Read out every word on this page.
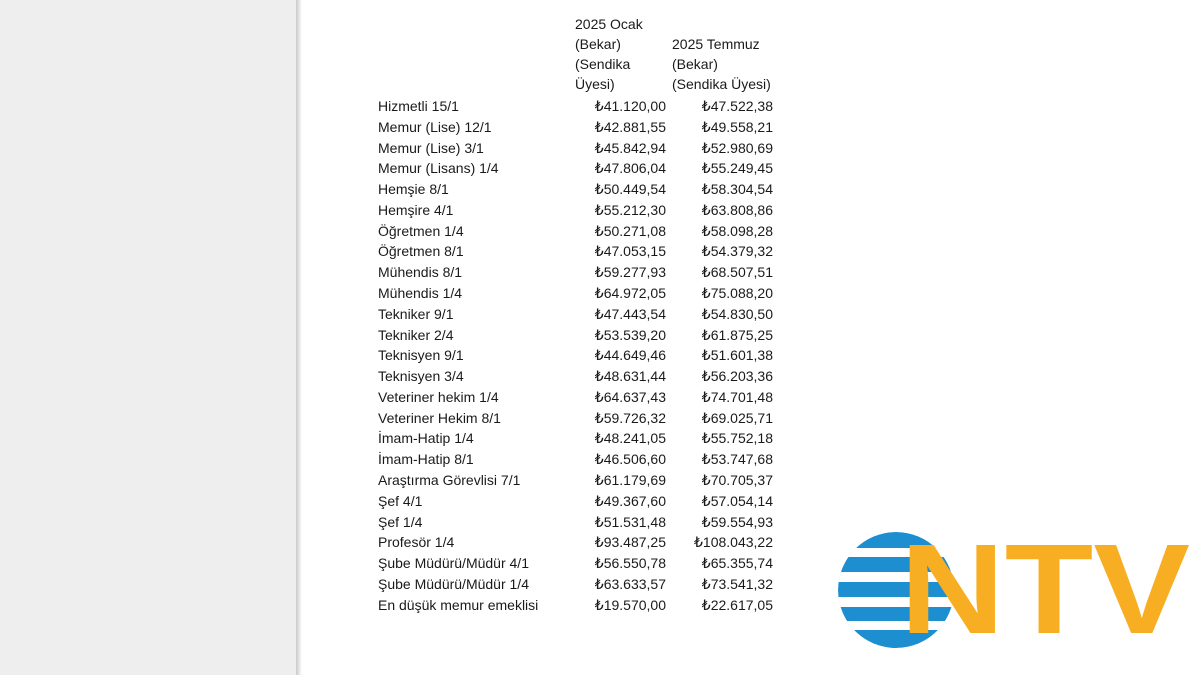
2025 Ocak
(Bekar)
(Sendika
Üyesi)
2025 Temmuz
(Bekar)
(Sendika Üyesi)
Hizmetli 15/1	₺41.120,00	₺47.522,38
Memur (Lise) 12/1	₺42.881,55	₺49.558,21
Memur (Lise) 3/1	₺45.842,94	₺52.980,69
Memur (Lisans) 1/4	₺47.806,04	₺55.249,45
Hemşie 8/1	₺50.449,54	₺58.304,54
Hemşire 4/1	₺55.212,30	₺63.808,86
Öğretmen 1/4	₺50.271,08	₺58.098,28
Öğretmen 8/1	₺47.053,15	₺54.379,32
Mühendis 8/1	₺59.277,93	₺68.507,51
Mühendis 1/4	₺64.972,05	₺75.088,20
Tekniker 9/1	₺47.443,54	₺54.830,50
Tekniker 2/4	₺53.539,20	₺61.875,25
Teknisyen 9/1	₺44.649,46	₺51.601,38
Teknisyen 3/4	₺48.631,44	₺56.203,36
Veteriner hekim 1/4	₺64.637,43	₺74.701,48
Veteriner Hekim 8/1	₺59.726,32	₺69.025,71
İmam-Hatip 1/4	₺48.241,05	₺55.752,18
İmam-Hatip 8/1	₺46.506,60	₺53.747,68
Araştırma Görevlisi 7/1	₺61.179,69	₺70.705,37
Şef 4/1	₺49.367,60	₺57.054,14
Şef 1/4	₺51.531,48	₺59.554,93
Profesör 1/4	₺93.487,25	₺108.043,22
Şube Müdürü/Müdür 4/1	₺56.550,78	₺65.355,74
Şube Müdürü/Müdür 1/4	₺63.633,57	₺73.541,32
En düşük memur emeklisi	₺19.570,00	₺22.617,05 NTV
